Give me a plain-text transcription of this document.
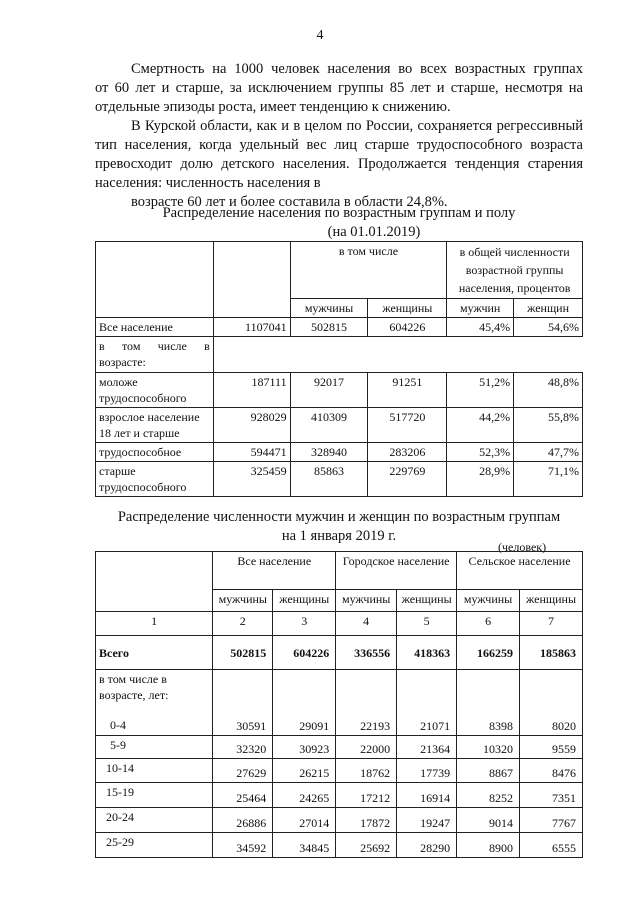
4

Смертность на 1000 человек населения во всех возрастных группах
от 60 лет и старше, за исключением группы 85 лет и старше, несмотря на
отдельные эпизоды роста, имеет тенденцию к снижению.

В Курской области, как и в целом по России, сохраняется регрессивный тип населения, когда удельный вес лиц старше трудоспособного возраста превосходит долю детского населения. Продолжается тенденция старения населения: численность населения в
возрасте 60 лет и более составила в области 24,8%.

Распределение населения по возрастным группам и полу
(на 01.01.2019)
		в том числе		в общей численности возрастной группы населения, процентов	
		мужчины	женщины	мужчин	женщин
Все население	1107041	502815	604226	45,4%	54,6%
в том числе в возрасте:					
моложе трудоспособного	187111	92017	91251	51,2%	48,8%
взрослое население 18 лет и старше	928029	410309	517720	44,2%	55,8%
трудоспособное	594471	328940	283206	52,3%	47,7%
старше трудоспособного	325459	85863	229769	28,9%	71,1%
Распределение численности мужчин и женщин по возрастным группам
на 1 января 2019 г.
(человек)
	Все население		Городское население		Сельское население	
	мужчины	женщины	мужчины	женщины	мужчины	женщины
1	2	3	4	5	6	7
Всего	502815	604226	336556	418363	166259	185863
в том числе в возрасте, лет:						
0-4	30591	29091	22193	21071	8398	8020
5-9	32320	30923	22000	21364	10320	9559
10-14	27629	26215	18762	17739	8867	8476
15-19	25464	24265	17212	16914	8252	7351
20-24	26886	27014	17872	19247	9014	7767
25-29	34592	34845	25692	28290	8900	6555
